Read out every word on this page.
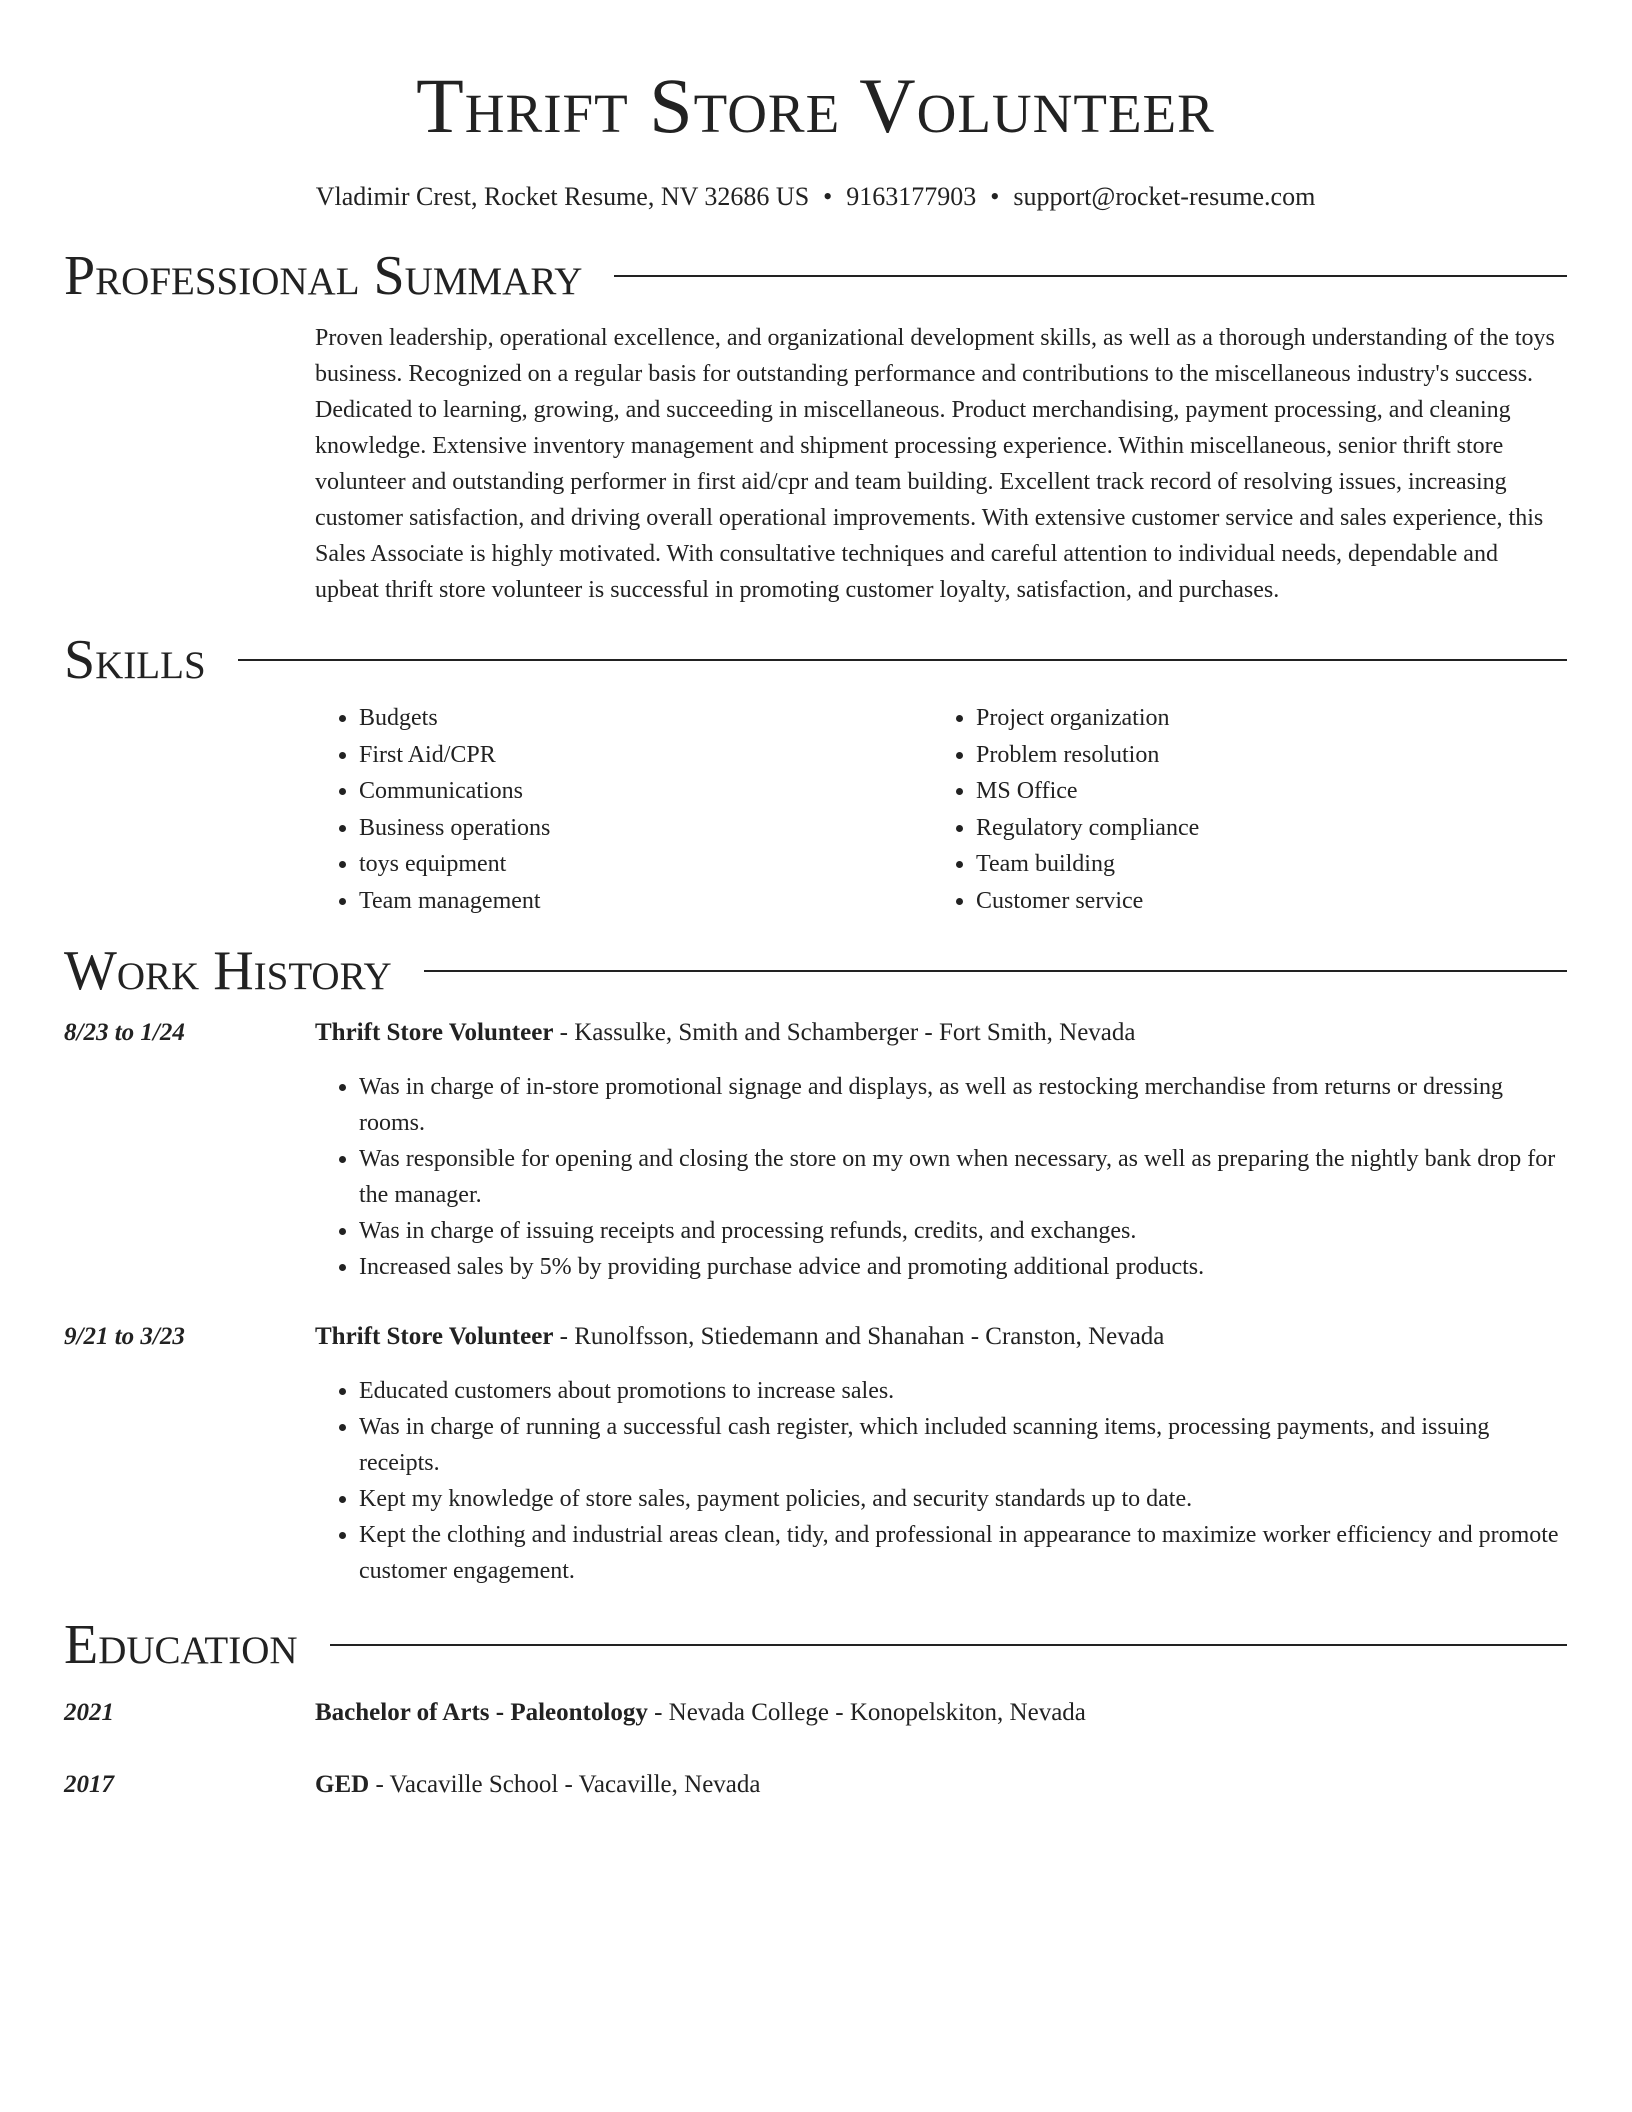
Thrift Store Volunteer
Vladimir Crest, Rocket Resume, NV 32686 US • 9163177903 • support@rocket-resume.com
Professional Summary
Proven leadership, operational excellence, and organizational development skills, as well as a thorough understanding of the toys business. Recognized on a regular basis for outstanding performance and contributions to the miscellaneous industry's success. Dedicated to learning, growing, and succeeding in miscellaneous. Product merchandising, payment processing, and cleaning knowledge. Extensive inventory management and shipment processing experience. Within miscellaneous, senior thrift store volunteer and outstanding performer in first aid/cpr and team building. Excellent track record of resolving issues, increasing customer satisfaction, and driving overall operational improvements. With extensive customer service and sales experience, this Sales Associate is highly motivated. With consultative techniques and careful attention to individual needs, dependable and upbeat thrift store volunteer is successful in promoting customer loyalty, satisfaction, and purchases.
Skills
• Budgets
• First Aid/CPR
• Communications
• Business operations
• toys equipment
• Team management
• Project organization
• Problem resolution
• MS Office
• Regulatory compliance
• Team building
• Customer service
Work History
8/23 to 1/24	Thrift Store Volunteer - Kassulke, Smith and Schamberger - Fort Smith, Nevada
• Was in charge of in-store promotional signage and displays, as well as restocking merchandise from returns or dressing rooms.
• Was responsible for opening and closing the store on my own when necessary, as well as preparing the nightly bank drop for the manager.
• Was in charge of issuing receipts and processing refunds, credits, and exchanges.
• Increased sales by 5% by providing purchase advice and promoting additional products.
9/21 to 3/23	Thrift Store Volunteer - Runolfsson, Stiedemann and Shanahan - Cranston, Nevada
• Educated customers about promotions to increase sales.
• Was in charge of running a successful cash register, which included scanning items, processing payments, and issuing receipts.
• Kept my knowledge of store sales, payment policies, and security standards up to date.
• Kept the clothing and industrial areas clean, tidy, and professional in appearance to maximize worker efficiency and promote customer engagement.
Education
2021	Bachelor of Arts - Paleontology - Nevada College - Konopelskiton, Nevada
2017	GED - Vacaville School - Vacaville, Nevada
